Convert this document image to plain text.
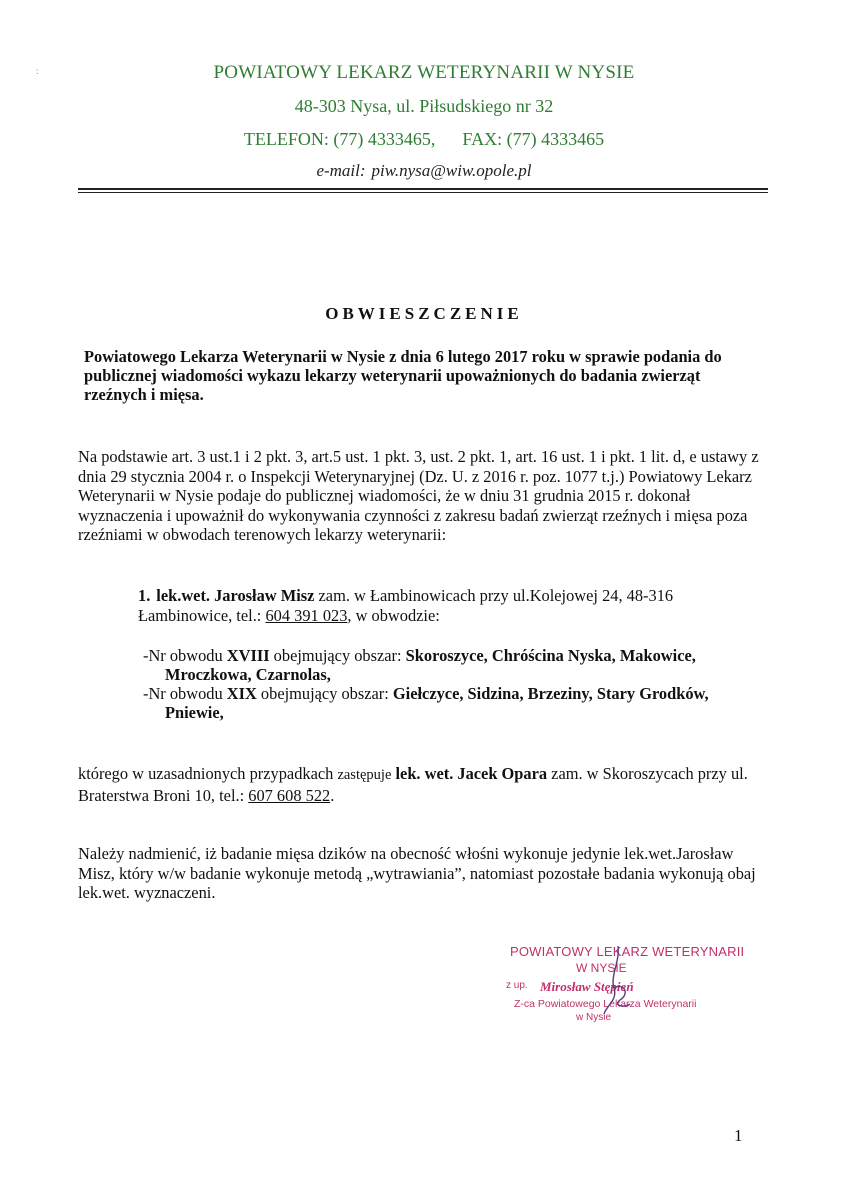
:	POWIATOWY LEKARZ WETERYNARII W NYSIE
48-303 Nysa, ul. Piłsudskiego nr 32
TELEFON: (77) 4333465,      FAX: (77) 4333465
e-mail: piw.nysa@wiw.opole.pl
OBWIESZCZENIE
Powiatowego Lekarza Weterynarii w Nysie z dnia 6 lutego 2017 roku w sprawie podania do publicznej wiadomości wykazu lekarzy weterynarii upoważnionych do badania zwierząt rzeźnych i mięsa.
Na podstawie art. 3 ust.1 i 2 pkt. 3, art.5 ust. 1 pkt. 3, ust. 2 pkt. 1, art. 16 ust. 1 i pkt. 1 lit. d, e ustawy z dnia 29 stycznia 2004 r. o Inspekcji Weterynaryjnej (Dz. U. z 2016 r. poz. 1077 t.j.) Powiatowy Lekarz Weterynarii w Nysie podaje do publicznej wiadomości, że w dniu 31 grudnia 2015 r. dokonał wyznaczenia i upoważnił do wykonywania czynności z zakresu badań zwierząt rzeźnych i mięsa poza rzeźniami w obwodach terenowych lekarzy weterynarii:
1. lek.wet. Jarosław Misz zam. w Łambinowicach przy ul.Kolejowej 24, 48-316 Łambinowice, tel.: 604 391 023, w obwodzie:
-Nr obwodu XVIII obejmujący obszar: Skoroszyce, Chróścina Nyska, Makowice,
Mroczkowa, Czarnolas,
-Nr obwodu XIX obejmujący obszar: Giełczyce, Sidzina, Brzeziny, Stary Grodków,
Pniewie,
którego w uzasadnionych przypadkach zastępuje lek. wet. Jacek Opara zam. w Skoroszycach przy ul. Braterstwa Broni 10, tel.: 607 608 522.
Należy nadmienić, iż badanie mięsa dzików na obecność włośni wykonuje jedynie lek.wet.Jarosław Misz, który w/w badanie wykonuje metodą „wytrawiania”, natomiast pozostałe badania wykonują obaj lek.wet. wyznaczeni.
POWIATOWY LEKARZ WETERYNARII
W NYSIE
z up. Mirosław Stępień
Z-ca Powiatowego Lekarza Weterynarii
w Nysie
1
